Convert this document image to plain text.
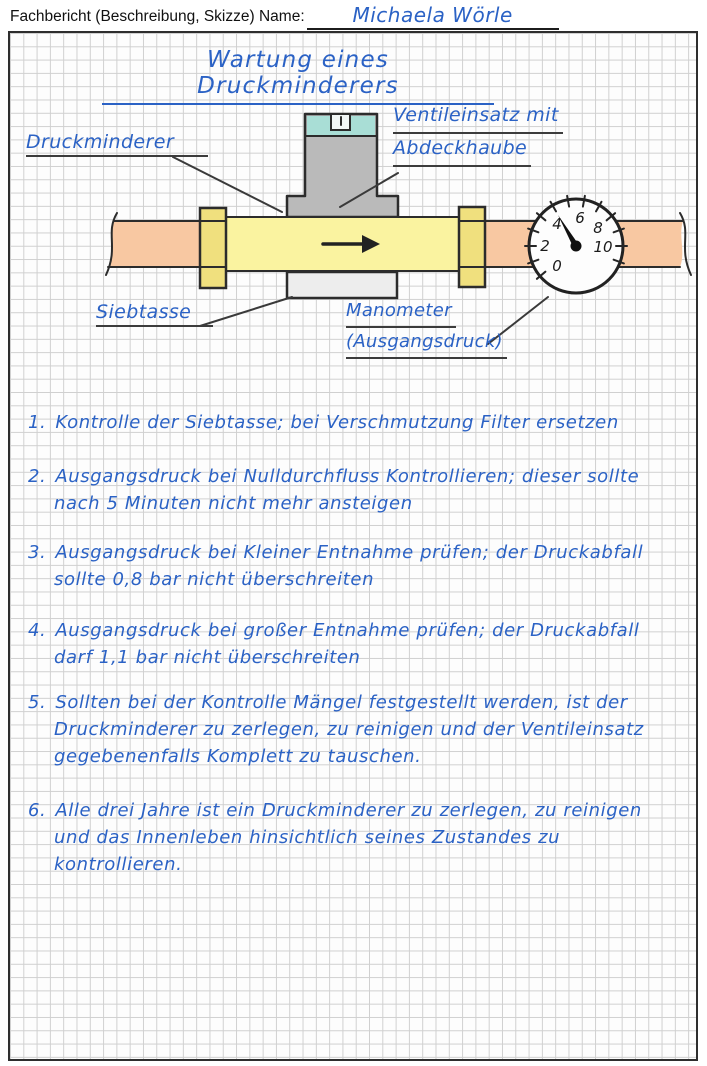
Fachbericht (Beschreibung, Skizze) Name:	Michaela Wörle
0
2
4 6
8
10
Wartung eines Druckminderers
Ventileinsatz mit
Abdeckhaube
Druckminderer
Siebtasse	Manometer
(Ausgangsdruck)
1. Kontrolle der Siebtasse; bei Verschmutzung Filter ersetzen
2. Ausgangsdruck bei Nulldurchfluss Kontrollieren; dieser sollte
nach 5 Minuten nicht mehr ansteigen
3. Ausgangsdruck bei Kleiner Entnahme prüfen; der Druckabfall
sollte 0,8 bar nicht überschreiten
4. Ausgangsdruck bei großer Entnahme prüfen; der Druckabfall
darf 1,1 bar nicht überschreiten
5. Sollten bei der Kontrolle Mängel festgestellt werden, ist der
Druckminderer zu zerlegen, zu reinigen und der Ventileinsatz
gegebenenfalls Komplett zu tauschen.
6. Alle drei Jahre ist ein Druckminderer zu zerlegen, zu reinigen
und das Innenleben hinsichtlich seines Zustandes zu
kontrollieren.
